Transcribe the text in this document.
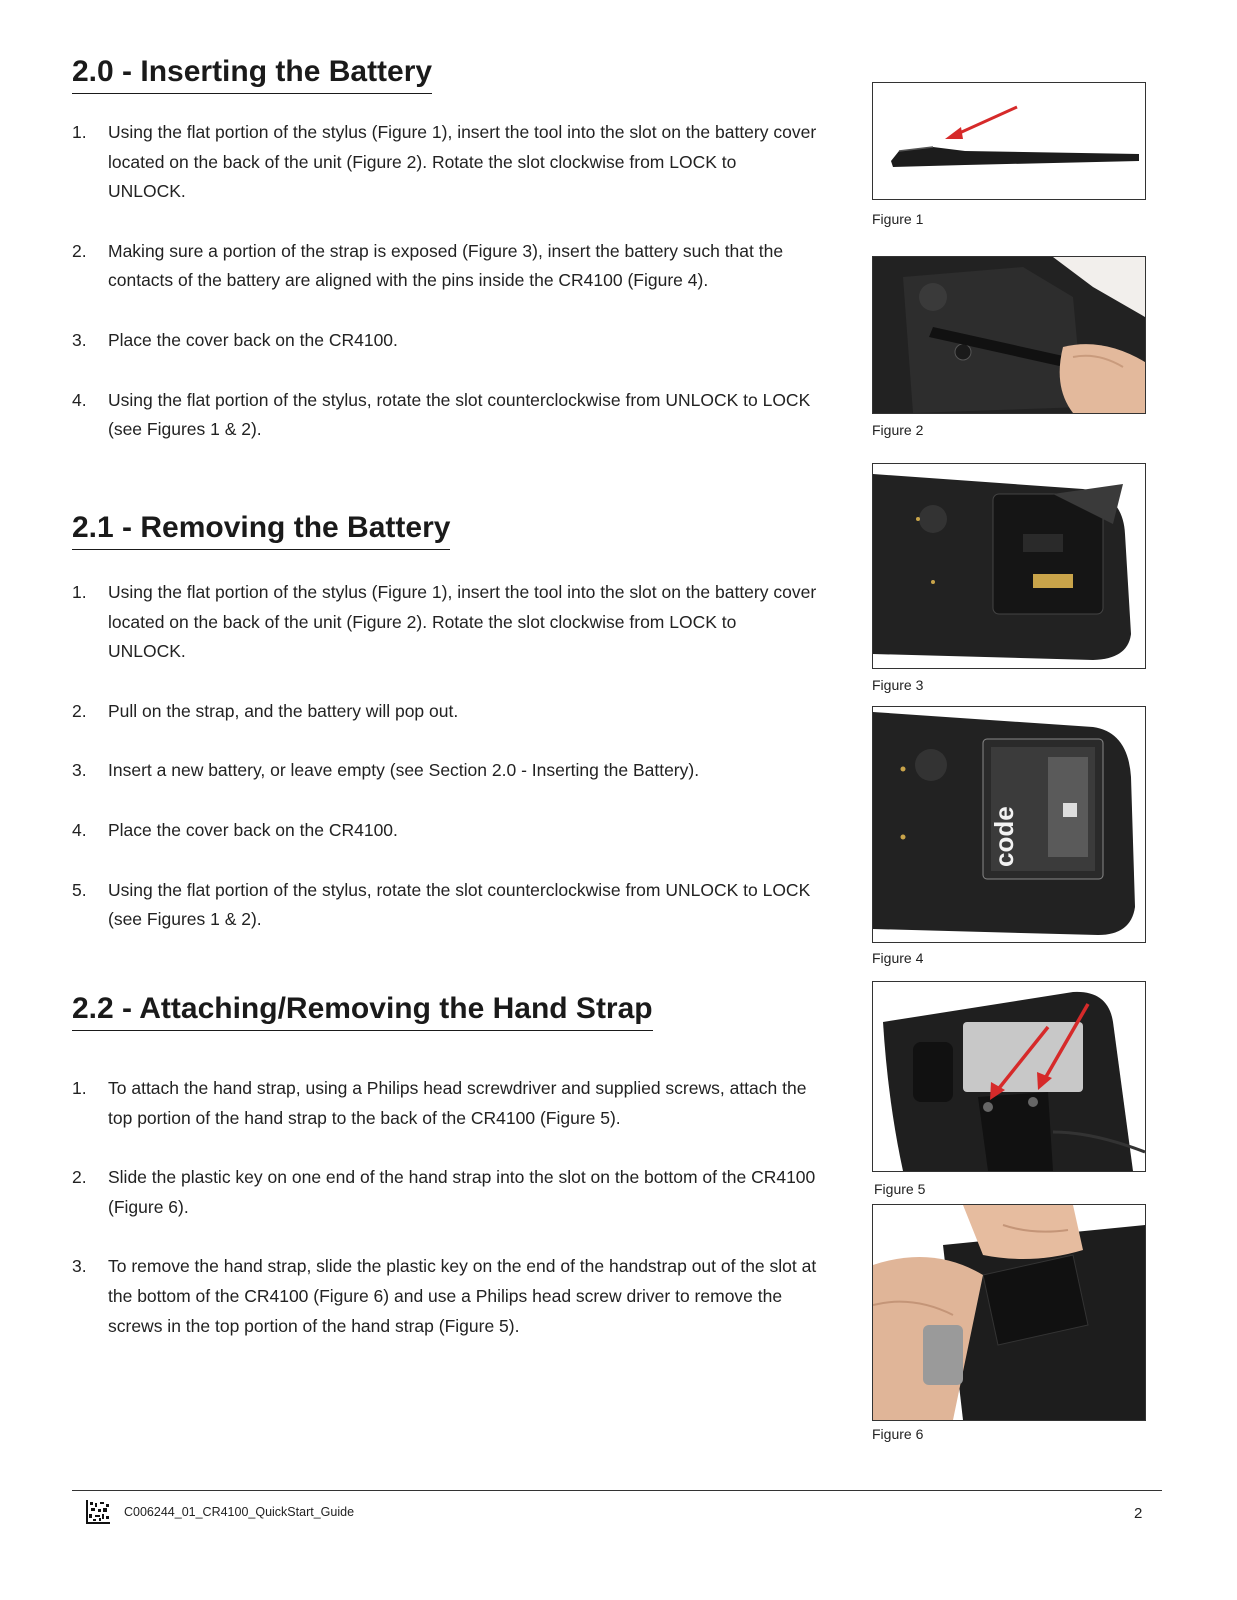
2.0 - Inserting the Battery
1. Using the flat portion of the stylus (Figure 1), insert the tool into the slot on the battery cover located on the back of the unit (Figure 2). Rotate the slot clockwise from LOCK to UNLOCK.
2. Making sure a portion of the strap is exposed (Figure 3), insert the battery such that the contacts of the battery are aligned with the pins inside the CR4100 (Figure 4).
3. Place the cover back on the CR4100.
4. Using the flat portion of the stylus, rotate the slot counterclockwise from UNLOCK to LOCK (see Figures 1 & 2).
2.1 - Removing the Battery
1. Using the flat portion of the stylus (Figure 1), insert the tool into the slot on the battery cover located on the back of the unit (Figure 2). Rotate the slot clockwise from LOCK to UNLOCK.
2. Pull on the strap, and the battery will pop out.
3. Insert a new battery, or leave empty (see Section 2.0 - Inserting the Battery).
4. Place the cover back on the CR4100.
5. Using the flat portion of the stylus, rotate the slot counterclockwise from UNLOCK to LOCK (see Figures 1 & 2).
2.2 - Attaching/Removing the Hand Strap
1. To attach the hand strap, using a Philips head screwdriver and supplied screws, attach the top portion of the hand strap to the back of the CR4100 (Figure 5).
2. Slide the plastic key on one end of the hand strap into the slot on the bottom of the CR4100 (Figure 6).
3. To remove the hand strap, slide the plastic key on the end of the handstrap out of the slot at the bottom of the CR4100 (Figure 6) and use a Philips head screw driver to remove the screws in the top portion of the hand strap (Figure 5).
Figure 1
Figure 2
Figure 3
code
Figure 4
Figure 5
Figure 6
C006244_01_CR4100_QuickStart_Guide	2
